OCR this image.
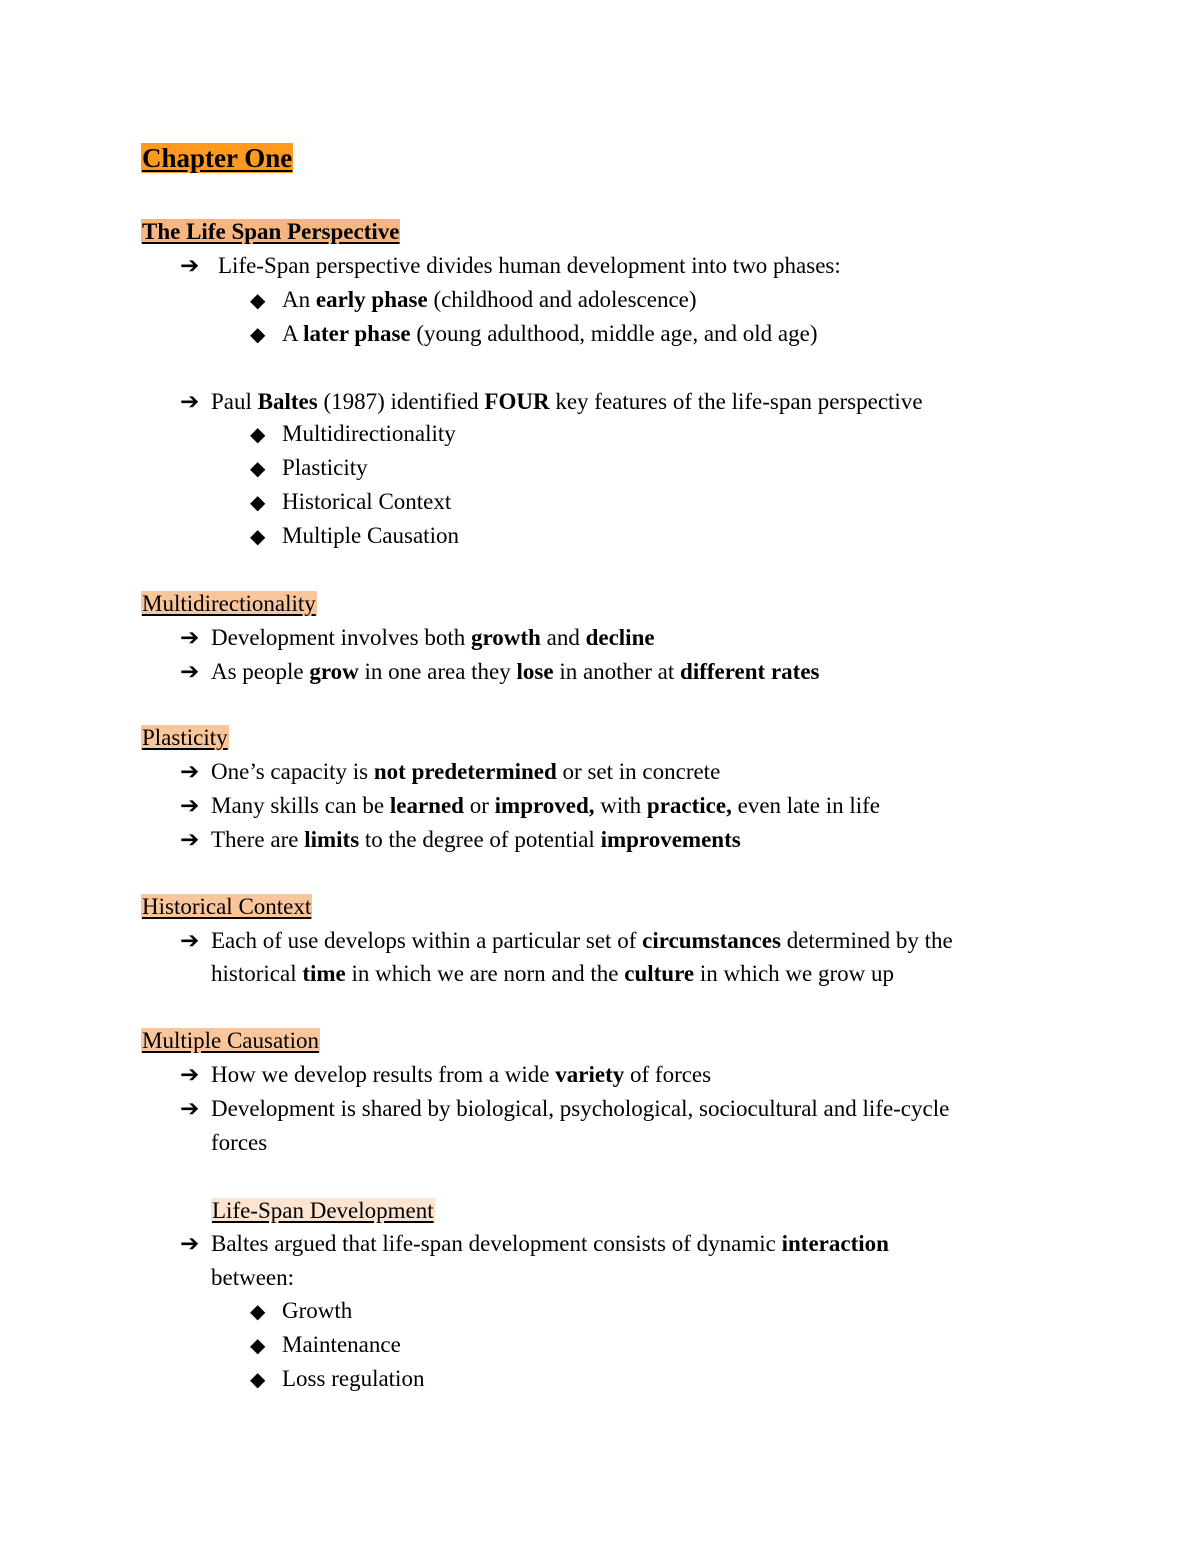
Chapter One
The Life Span Perspective
➔ Life-Span perspective divides human development into two phases:
◆ An early phase (childhood and adolescence)
◆ A later phase (young adulthood, middle age, and old age)
➔ Paul Baltes (1987) identified FOUR key features of the life-span perspective
◆ Multidirectionality
◆ Plasticity
◆ Historical Context
◆ Multiple Causation
Multidirectionality
➔ Development involves both growth and decline
➔ As people grow in one area they lose in another at different rates
Plasticity
➔ One’s capacity is not predetermined or set in concrete
➔ Many skills can be learned or improved, with practice, even late in life
➔ There are limits to the degree of potential improvements
Historical Context
➔ Each of use develops within a particular set of circumstances determined by the
historical time in which we are norn and the culture in which we grow up
Multiple Causation
➔ How we develop results from a wide variety of forces
➔ Development is shared by biological, psychological, sociocultural and life-cycle
forces
Life-Span Development
➔ Baltes argued that life-span development consists of dynamic interaction
between:
◆ Growth
◆ Maintenance
◆ Loss regulation
